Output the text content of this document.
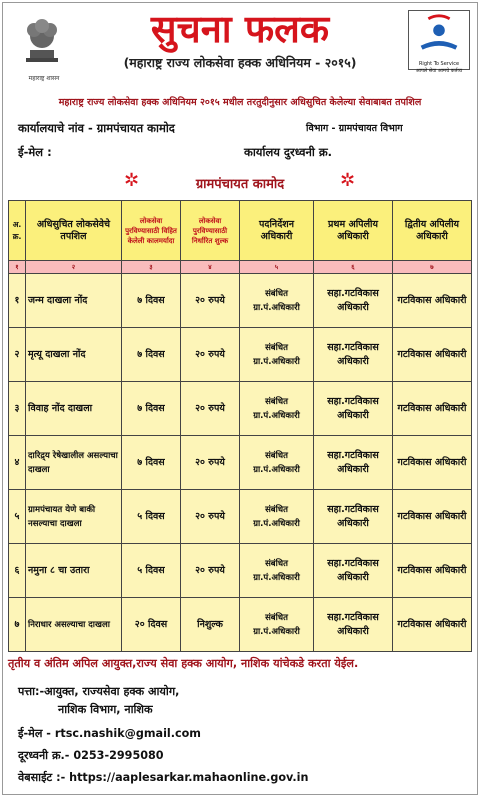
महाराष्ट्र शासन
सुचना फलक
(महाराष्ट्र राज्य लोकसेवा हक्क अधिनियम - २०१५)	Right To Service
आपले सेवा आमचे कर्तव्य
महाराष्ट्र राज्य लोकसेवा हक्क अधिनियम २०१५ मधील तरतुदीनुसार अधिसुचित केलेल्या सेवाबाबत तपशिल
कार्यालयाचे नांव - ग्रामपंचायत कामोद	विभाग - ग्रामपंचायत विभाग
ई-मेल :	कार्यालय दुरध्वनी क्र.
✲	ग्रामपंचायत कामोद	✲
अ. क्र.	अधिसुचित लोकसेवेचे तपशिल	लोकसेवा पुरविण्यासाठी विहित केलेली कालमर्यादा	लोकसेवा पुरविण्यासाठी निर्धारित शुल्क	पदनिर्देशन अधिकारी	प्रथम अपिलीय अधिकारी	द्वितीय अपिलीय अधिकारी
१	२	३	४	५	६	७
१	जन्म दाखला नोंद	७ दिवस	२० रुपये	संबंधित ग्रा.पं.अधिकारी	सहा.गटविकास अधिकारी	गटविकास अधिकारी
२	मृत्यू दाखला नोंद	७ दिवस	२० रुपये	संबंधित ग्रा.पं.अधिकारी	सहा.गटविकास अधिकारी	गटविकास अधिकारी
३	विवाह नोंद दाखला	७ दिवस	२० रुपये	संबंधित ग्रा.पं.अधिकारी	सहा.गटविकास अधिकारी	गटविकास अधिकारी
४	दारिद्र्य रेषेखालील असल्याचा दाखला	७ दिवस	२० रुपये	संबंधित ग्रा.पं.अधिकारी	सहा.गटविकास अधिकारी	गटविकास अधिकारी
५	ग्रामपंचायत येणे बाकी नसल्याचा दाखला	५ दिवस	२० रुपये	संबंधित ग्रा.पं.अधिकारी	सहा.गटविकास अधिकारी	गटविकास अधिकारी
६	नमुना ८ चा उतारा	५ दिवस	२० रुपये	संबंधित ग्रा.पं.अधिकारी	सहा.गटविकास अधिकारी	गटविकास अधिकारी
७	निराधार असल्याचा दाखला	२० दिवस	निशुल्क	संबंधित ग्रा.पं.अधिकारी	सहा.गटविकास अधिकारी	गटविकास अधिकारी
तृतीय व अंतिम अपिल आयुक्त,राज्य सेवा हक्क आयोग, नाशिक यांचेकडे करता येईल.
पत्ता:-आयुक्त, राज्यसेवा हक्क आयोग,
नाशिक विभाग, नाशिक
ई-मेल - rtsc.nashik@gmail.com
दूरध्वनी क्र.- 0253-2995080
वेबसाईट :- https://aaplesarkar.mahaonline.gov.in
